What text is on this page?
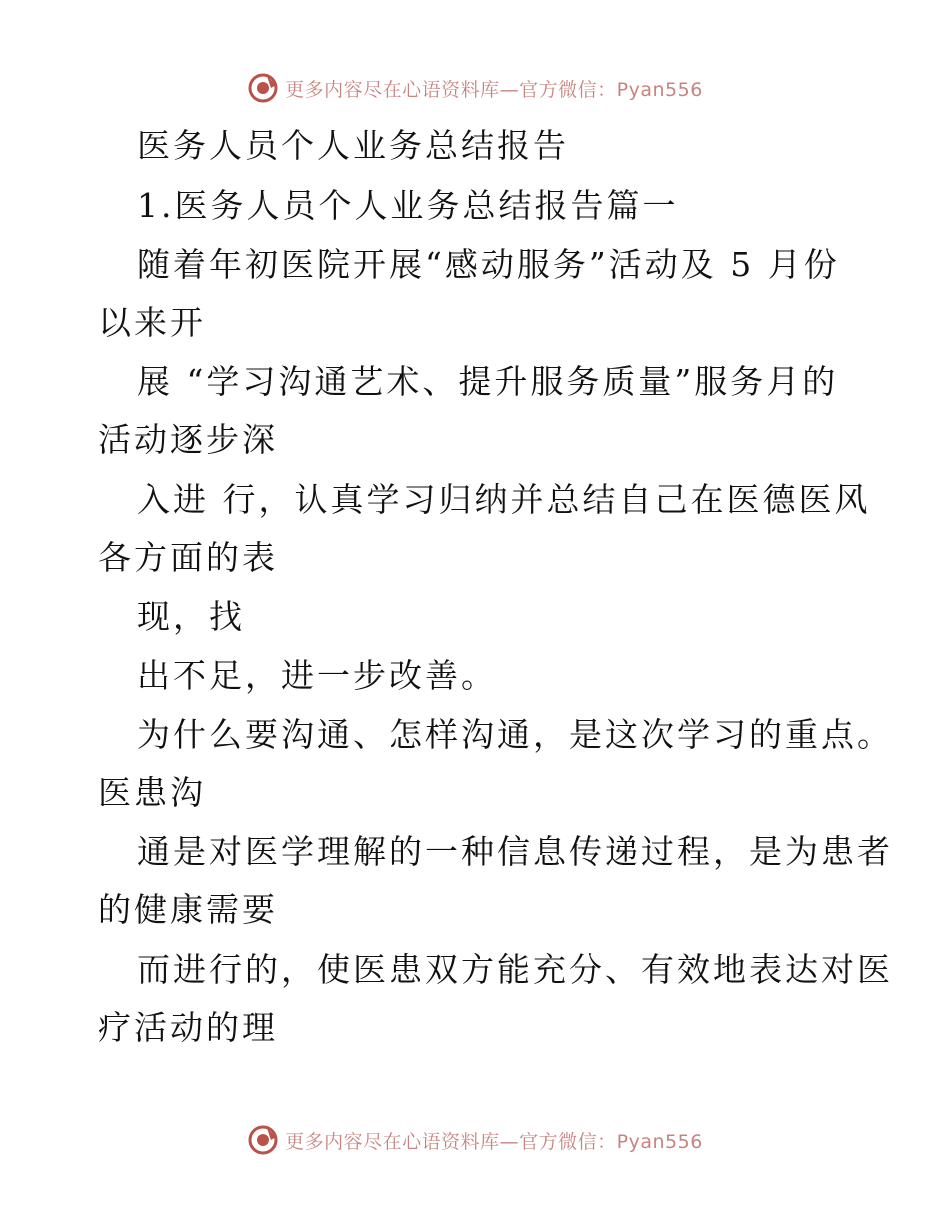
更多内容尽在心语资料库—官方微信：Pyan556
医务人员个人业务总结报告
1.医务人员个人业务总结报告篇一
随着年初医院开展“感动服务”活动及 5 月份
以来开
展 “学习沟通艺术、提升服务质量”服务月的
活动逐步深
入进 行，认真学习归纳并总结自己在医德医风
各方面的表
现，找
出不足，进一步改善。
为什么要沟通、怎样沟通，是这次学习的重点。
医患沟
通是对医学理解的一种信息传递过程，是为患者
的健康需要
而进行的，使医患双方能充分、有效地表达对医
疗活动的理
更多内容尽在心语资料库—官方微信：Pyan556
